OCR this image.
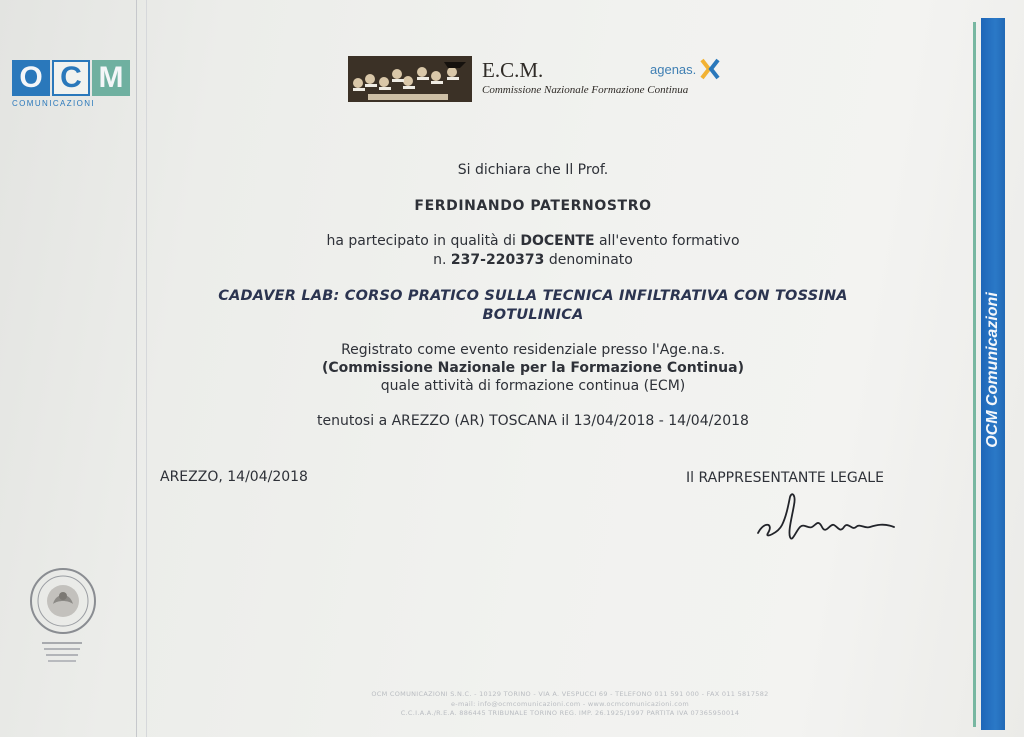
O C M
COMUNICAZIONI
E.C.M.
Commissione Nazionale Formazione Continua
agenas.
OCM Comunicazioni
Si dichiara che Il Prof.
FERDINANDO PATERNOSTRO
ha partecipato in qualità di DOCENTE all'evento formativo
n. 237-220373 denominato
CADAVER LAB: CORSO PRATICO SULLA TECNICA INFILTRATIVA CON TOSSINA
BOTULINICA
Registrato come evento residenziale presso l'Age.na.s.
(Commissione Nazionale per la Formazione Continua)
quale attività di formazione continua (ECM)
tenutosi a AREZZO (AR) TOSCANA il 13/04/2018 - 14/04/2018
AREZZO, 14/04/2018	Il RAPPRESENTANTE LEGALE
OCM COMUNICAZIONI S.N.C. - 10129 TORINO - VIA A. VESPUCCI 69 - TELEFONO 011 591 000 - FAX 011 5817582
e-mail: info@ocmcomunicazioni.com - www.ocmcomunicazioni.com
C.C.I.A.A./R.E.A. 886445 TRIBUNALE TORINO REG. IMP. 26.1925/1997 PARTITA IVA 07365950014
